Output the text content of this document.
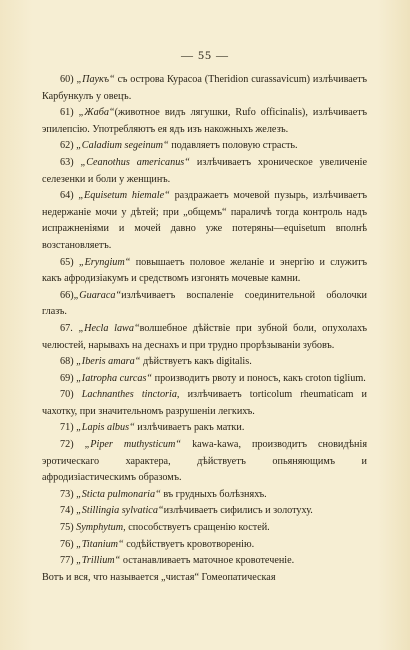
— 55 —

60) „Паукъ“ съ острова Курасоа (Theridion curassavicum) излѣчиваетъ Карбункулъ у овецъ.

61) „Жаба“(животное видъ лягушки, Rufo officinalis), излѣчиваетъ эпилепсію. Употребляютъ ея ядъ изъ накожныхъ железъ.

62) „Caladium segeinum“ подавляетъ половую страсть.

63) „Ceanothus americanus“ излѣчиваетъ хроническое увеличеніе селезенки и боли у женщинъ.

64) „Equisetum hiemale“ раздражаетъ мочевой пузырь, излѣчиваетъ недержаніе мочи у дѣтей; при „общемъ“ параличѣ тогда контроль надъ испражненіями и мочей давно уже потеряны—equisetum вполнѣ возстановляетъ.

65) „Eryngium“ повышаетъ половое желаніе и энергію и служитъ какъ афродизіакумъ и средствомъ изгонять мочевые камни.

66)„Guaraca“излѣчиваетъ воспаленіе соединительной оболочки глазъ.

67. „Hecla lawa“волшебное дѣйствіе при зубной боли, опухолахъ челюстей, нарывахъ на деснахъ и при трудно прорѣзываніи зубовъ.

68) „Iberis amara“ дѣйствуетъ какъ digitalis.

69) „Iatropha curcas“ производитъ рвоту и поносъ, какъ croton tiglium.

70) Lachnanthes tinctoria, излѣчиваетъ torticolum rheumaticam и чахотку, при значительномъ разрушеніи легкихъ.

71) „Lapis albus“ излѣчиваетъ ракъ матки.

72) „Piper muthysticum“ kawa-kawa, производитъ сновидѣнія эротическаго характера, дѣйствуетъ опьяняющимъ и афродизіастическимъ образомъ.

73) „Sticta pulmonaria“ въ грудныхъ болѣзняхъ.

74) „Stillingia sylvatica“излѣчиваетъ сифилисъ и золотуху.

75) Symphytum, способствуетъ сращенію костей.

76) „Titanium“ содѣйствуетъ кровотворенію.

77) „Trillium“ останавливаетъ маточное кровотеченіе.

Вотъ и вся, что называется „чистая“ Гомеопатическая
